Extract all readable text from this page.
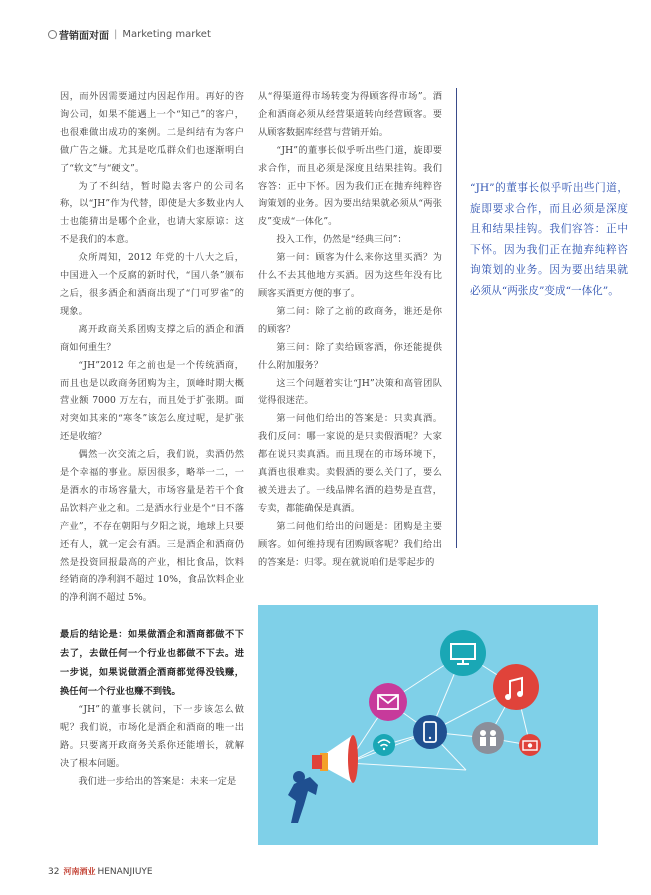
营销面对面 | Marketing market

因，而外因需要通过内因起作用。再好的咨询公司，如果不能遇上一个“知己”的客户，也很难做出成功的案例。二是纠结有为客户做广告之嫌。尤其是吃瓜群众们也逐渐明白了“软文”与“硬文”。

为了不纠结，暂时隐去客户的公司名称，以“JH”作为代替，即使是大多数业内人士也能猜出是哪个企业，也请大家原谅：这不是我们的本意。

众所周知，2012 年党的十八大之后，中国进入一个反腐的新时代，“国八条”颁布之后，很多酒企和酒商出现了“门可罗雀”的现象。

离开政商关系团购支撑之后的酒企和酒商如何重生？

“JH”2012 年之前也是一个传统酒商，而且也是以政商务团购为主，顶峰时期大概营业额 7000 万左右，而且处于扩张期。面对突如其来的“寒冬”该怎么度过呢，是扩张还是收缩？

偶然一次交流之后，我们说，卖酒仍然是个幸福的事业。原因很多，略举一二，一是酒水的市场容量大，市场容量是若干个食品饮料产业之和。二是酒水行业是个“日不落产业”，不存在朝阳与夕阳之说，地球上只要还有人，就一定会有酒。三是酒企和酒商仍然是投资回报最高的产业，相比食品，饮料经销商的净利润不超过 10%，食品饮料企业的净利润不超过 5%。

最后的结论是：如果做酒企和酒商都做不下去了，去做任何一个行业也都做不下去。进一步说，如果说做酒企酒商都觉得没钱赚，换任何一个行业也赚不到钱。

“JH”的董事长就问，下一步该怎么做呢？我们说，市场化是酒企和酒商的唯一出路。只要离开政商务关系你还能增长，就解决了根本问题。

我们进一步给出的答案是：未来一定是

从“得渠道得市场转变为得顾客得市场”。酒企和酒商必须从经营渠道转向经营顾客。要从顾客数据库经营与营销开始。

“JH”的董事长似乎听出些门道，旋即要求合作，而且必须是深度且结果挂钩。我们容答：正中下怀。因为我们正在抛弃纯粹咨询策划的业务。因为要出结果就必须从“两张皮”变成“一体化”。

投入工作，仍然是“经典三问”：

第一问：顾客为什么来你这里买酒？为什么不去其他地方买酒。因为这些年没有比顾客买酒更方便的事了。

第二问：除了之前的政商务，谁还是你的顾客？

第三问：除了卖给顾客酒，你还能提供什么附加服务？

这三个问题着实让“JH”决策和高管团队觉得很迷茫。

第一问他们给出的答案是：只卖真酒。我们反问：哪一家说的是只卖假酒呢？大家都在说只卖真酒。而且现在的市场环境下，真酒也很难卖。卖假酒的要么关门了，要么被关进去了。一线品牌名酒的趋势是直营，专卖，都能确保是真酒。

第二问他们给出的问题是：团购是主要顾客。如何维持现有团购顾客呢？我们给出的答案是：归零。现在就说咱们是零起步的

“JH”的董事长似乎听出些门道，旋即要求合作，而且必须是深度且和结果挂钩。我们容答：正中下怀。因为我们正在抛弃纯粹咨询策划的业务。因为要出结果就必须从“两张皮”变成“一体化”。
32 河南酒业 HENANJIUYE
